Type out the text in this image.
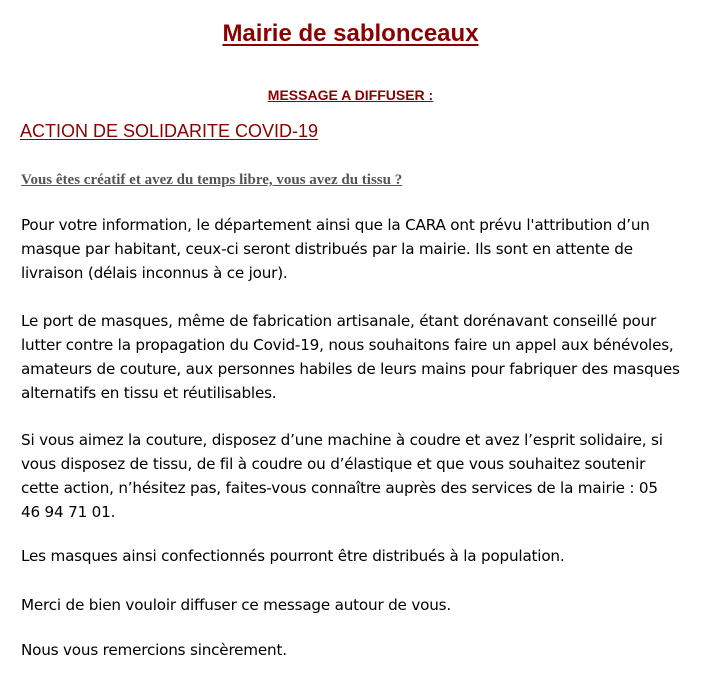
Mairie de sablonceaux
MESSAGE A DIFFUSER :
ACTION DE SOLIDARITE COVID-19
Vous êtes créatif et avez du temps libre, vous avez du tissu ?

Pour votre information, le département ainsi que la CARA ont prévu l'attribution d’un masque par habitant, ceux-ci seront distribués par la mairie. Ils sont en attente de livraison (délais inconnus à ce jour).

Le port de masques, même de fabrication artisanale, étant dorénavant conseillé pour lutter contre la propagation du Covid-19, nous souhaitons faire un appel aux bénévoles, amateurs de couture, aux personnes habiles de leurs mains pour fabriquer des masques alternatifs en tissu et réutilisables.

Si vous aimez la couture, disposez d’une machine à coudre et avez l’esprit solidaire, si vous disposez de tissu, de fil à coudre ou d’élastique et que vous souhaitez soutenir cette action, n’hésitez pas, faites-vous connaître auprès des services de la mairie : 05 46 94 71 01.

Les masques ainsi confectionnés pourront être distribués à la population.

Merci de bien vouloir diffuser ce message autour de vous.

Nous vous remercions sincèrement.
